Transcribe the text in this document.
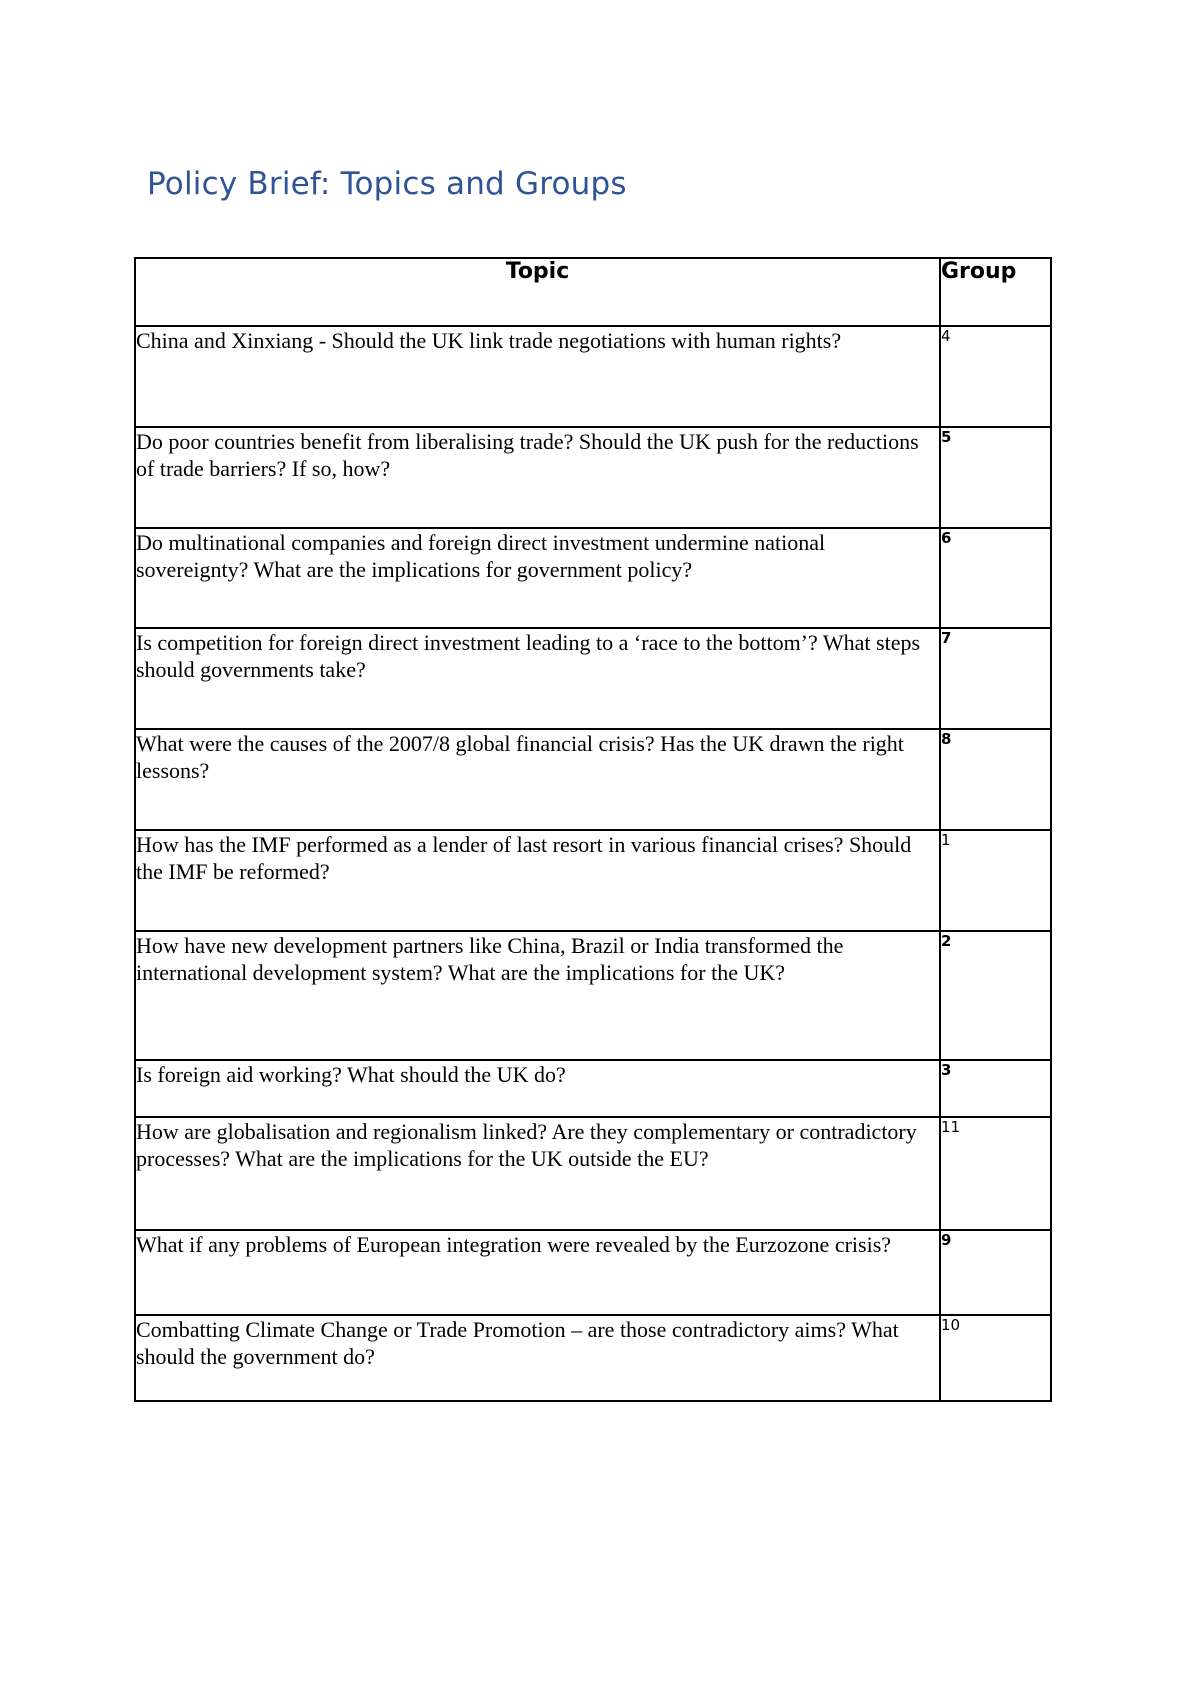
Policy Brief: Topics and Groups
Topic	Group
China and Xinxiang - Should the UK link trade negotiations with human rights?	4
Do poor countries benefit from liberalising trade? Should the UK push for the reductions of trade barriers? If so, how?	5
Do multinational companies and foreign direct investment undermine national sovereignty? What are the implications for government policy?	6
Is competition for foreign direct investment leading to a ‘race to the bottom’? What steps should governments take?	7
What were the causes of the 2007/8 global financial crisis? Has the UK drawn the right lessons?	8
How has the IMF performed as a lender of last resort in various financial crises? Should the IMF be reformed?	1
How have new development partners like China, Brazil or India transformed the international development system? What are the implications for the UK?	2
Is foreign aid working? What should the UK do?	3
How are globalisation and regionalism linked? Are they complementary or contradictory processes? What are the implications for the UK outside the EU?	11
What if any problems of European integration were revealed by the Eurzozone crisis?	9
Combatting Climate Change or Trade Promotion – are those contradictory aims? What should the government do?	10
